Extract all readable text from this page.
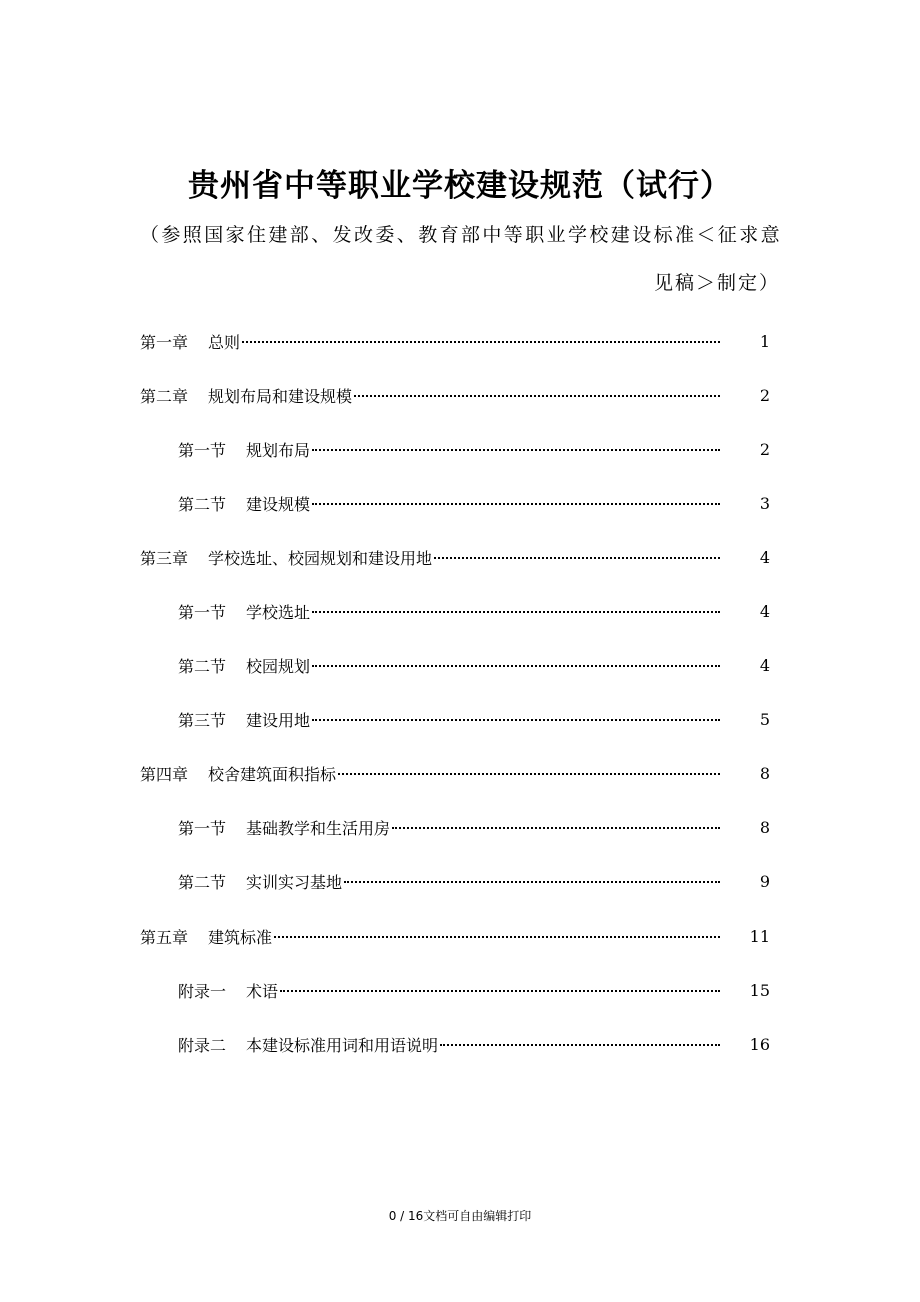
贵州省中等职业学校建设规范（试行）
（参照国家住建部、发改委、教育部中等职业学校建设标准＜征求意
见稿＞制定）
第一章 总则	1
第二章 规划布局和建设规模	2
第一节 规划布局	2
第二节 建设规模	3
第三章 学校选址、校园规划和建设用地	4
第一节 学校选址	4
第二节 校园规划	4
第三节 建设用地	5
第四章 校舍建筑面积指标	8
第一节 基础教学和生活用房	8
第二节 实训实习基地	9
第五章 建筑标准	11
附录一 术语	15
附录二 本建设标准用词和用语说明	16
0 / 16文档可自由编辑打印
